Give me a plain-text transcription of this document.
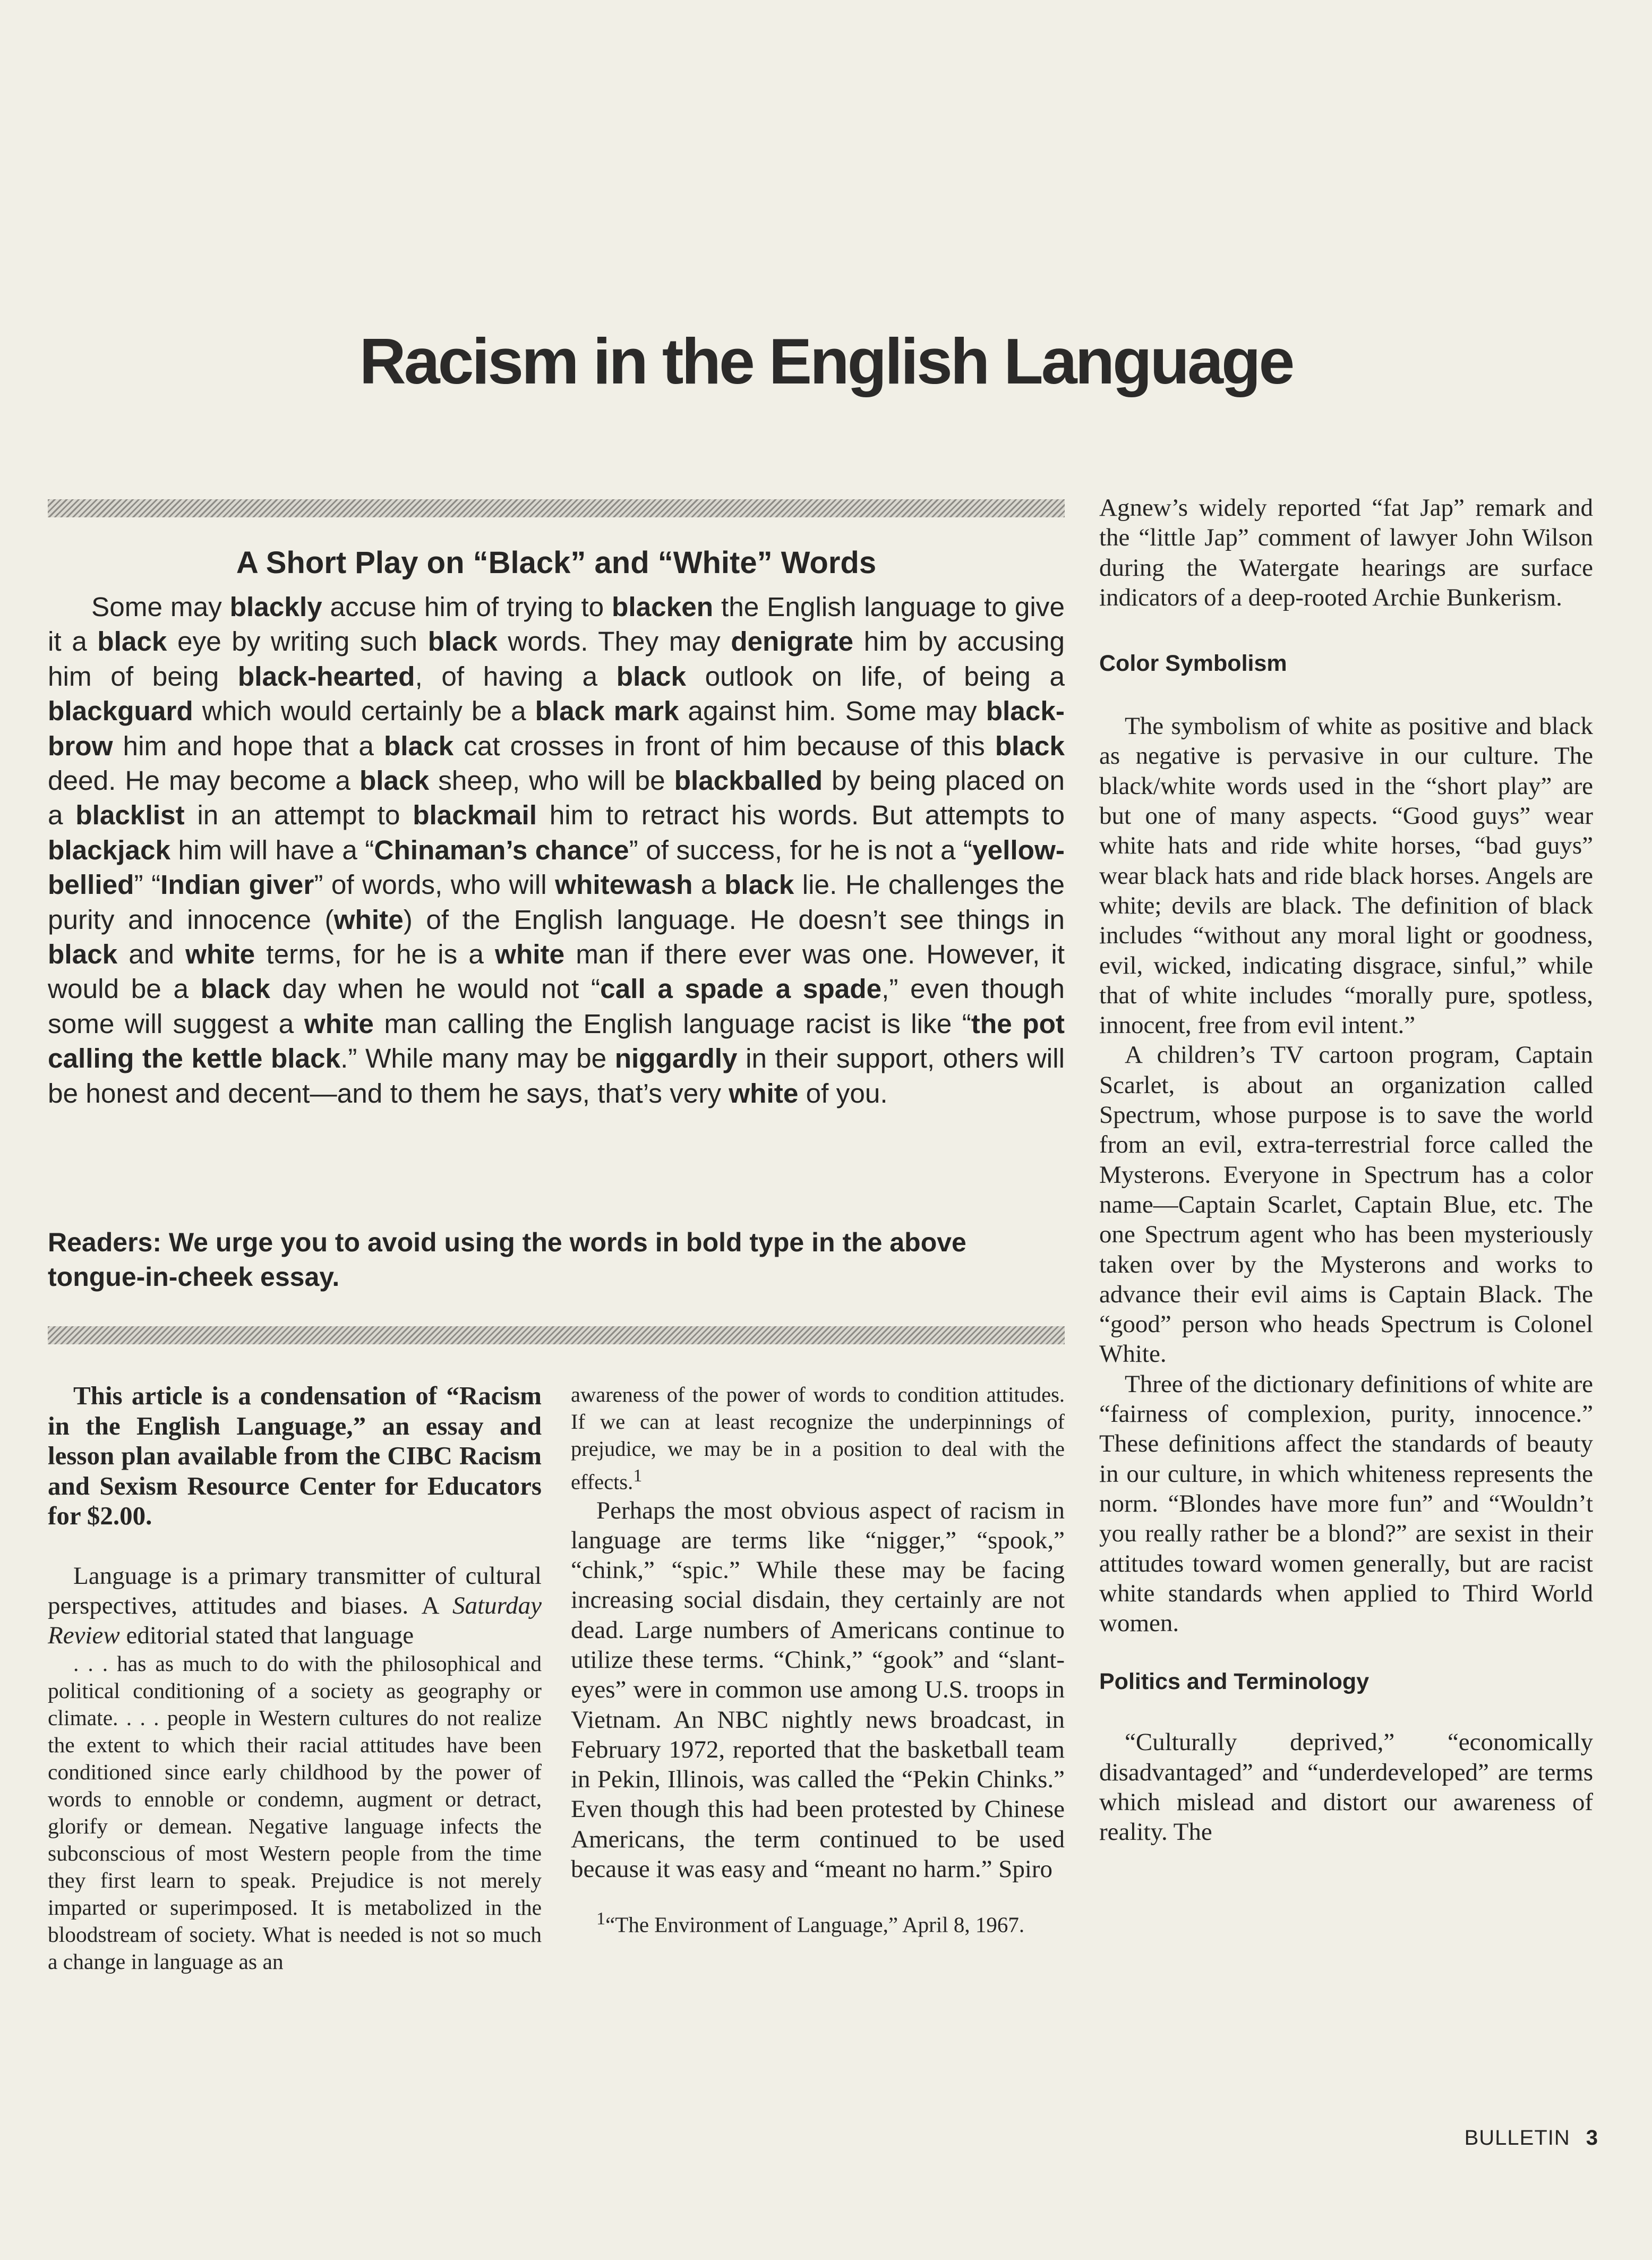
Racism in the English Language
A Short Play on “Black” and “White” Words

Some may blackly accuse him of trying to blacken the English language to give it a black eye by writing such black words. They may denigrate him by accusing him of being black-hearted, of having a black outlook on life, of being a blackguard which would certainly be a black mark against him. Some may black-brow him and hope that a black cat crosses in front of him because of this black deed. He may become a black sheep, who will be blackballed by being placed on a blacklist in an attempt to blackmail him to retract his words. But attempts to blackjack him will have a “Chinaman’s chance” of success, for he is not a “yellow-bellied” “Indian giver” of words, who will whitewash a black lie. He challenges the purity and innocence (white) of the English language. He doesn’t see things in black and white terms, for he is a white man if there ever was one. However, it would be a black day when he would not “call a spade a spade,” even though some will suggest a white man calling the English language racist is like “the pot calling the kettle black.” While many may be niggardly in their support, others will be honest and decent—and to them he says, that’s very white of you.

Readers: We urge you to avoid using the words in bold type in the above tongue-in-cheek essay.

This article is a condensation of “Racism in the English Language,” an essay and lesson plan available from the CIBC Racism and Sexism Resource Center for Educators for $2.00.

Language is a primary transmitter of cultural perspectives, attitudes and biases. A Saturday Review editorial stated that language

. . . has as much to do with the philosophical and political conditioning of a society as geography or climate. . . . people in Western cultures do not realize the extent to which their racial attitudes have been conditioned since early childhood by the power of words to ennoble or condemn, augment or detract, glorify or demean. Negative language infects the subconscious of most Western people from the time they first learn to speak. Prejudice is not merely imparted or superimposed. It is metabolized in the bloodstream of society. What is needed is not so much a change in language as an

awareness of the power of words to condition attitudes. If we can at least recognize the underpinnings of prejudice, we may be in a position to deal with the effects.$^1$

Perhaps the most obvious aspect of racism in language are terms like “nigger,” “spook,” “chink,” “spic.” While these may be facing increasing social disdain, they certainly are not dead. Large numbers of Americans continue to utilize these terms. “Chink,” “gook” and “slant-eyes” were in common use among U.S. troops in Vietnam. An NBC nightly news broadcast, in February 1972, reported that the basketball team in Pekin, Illinois, was called the “Pekin Chinks.” Even though this had been protested by Chinese Americans, the term continued to be used because it was easy and “meant no harm.” Spiro

$^1$“The Environment of Language,” April 8, 1967.

Agnew’s widely reported “fat Jap” remark and the “little Jap” comment of lawyer John Wilson during the Watergate hearings are surface indicators of a deep-rooted Archie Bunkerism.

Color Symbolism

The symbolism of white as positive and black as negative is pervasive in our culture. The black/white words used in the “short play” are but one of many aspects. “Good guys” wear white hats and ride white horses, “bad guys” wear black hats and ride black horses. Angels are white; devils are black. The definition of black includes “without any moral light or goodness, evil, wicked, indicating disgrace, sinful,” while that of white includes “morally pure, spotless, innocent, free from evil intent.”

A children’s TV cartoon program, Captain Scarlet, is about an organization called Spectrum, whose purpose is to save the world from an evil, extra-terrestrial force called the Mysterons. Everyone in Spectrum has a color name—Captain Scarlet, Captain Blue, etc. The one Spectrum agent who has been mysteriously taken over by the Mysterons and works to advance their evil aims is Captain Black. The “good” person who heads Spectrum is Colonel White.

Three of the dictionary definitions of white are “fairness of complexion, purity, innocence.” These definitions affect the standards of beauty in our culture, in which whiteness represents the norm. “Blondes have more fun” and “Wouldn’t you really rather be a blond?” are sexist in their attitudes toward women generally, but are racist white standards when applied to Third World women.

Politics and Terminology

“Culturally deprived,” “economically disadvantaged” and “underdeveloped” are terms which mislead and distort our awareness of reality. The

BULLETIN 3
